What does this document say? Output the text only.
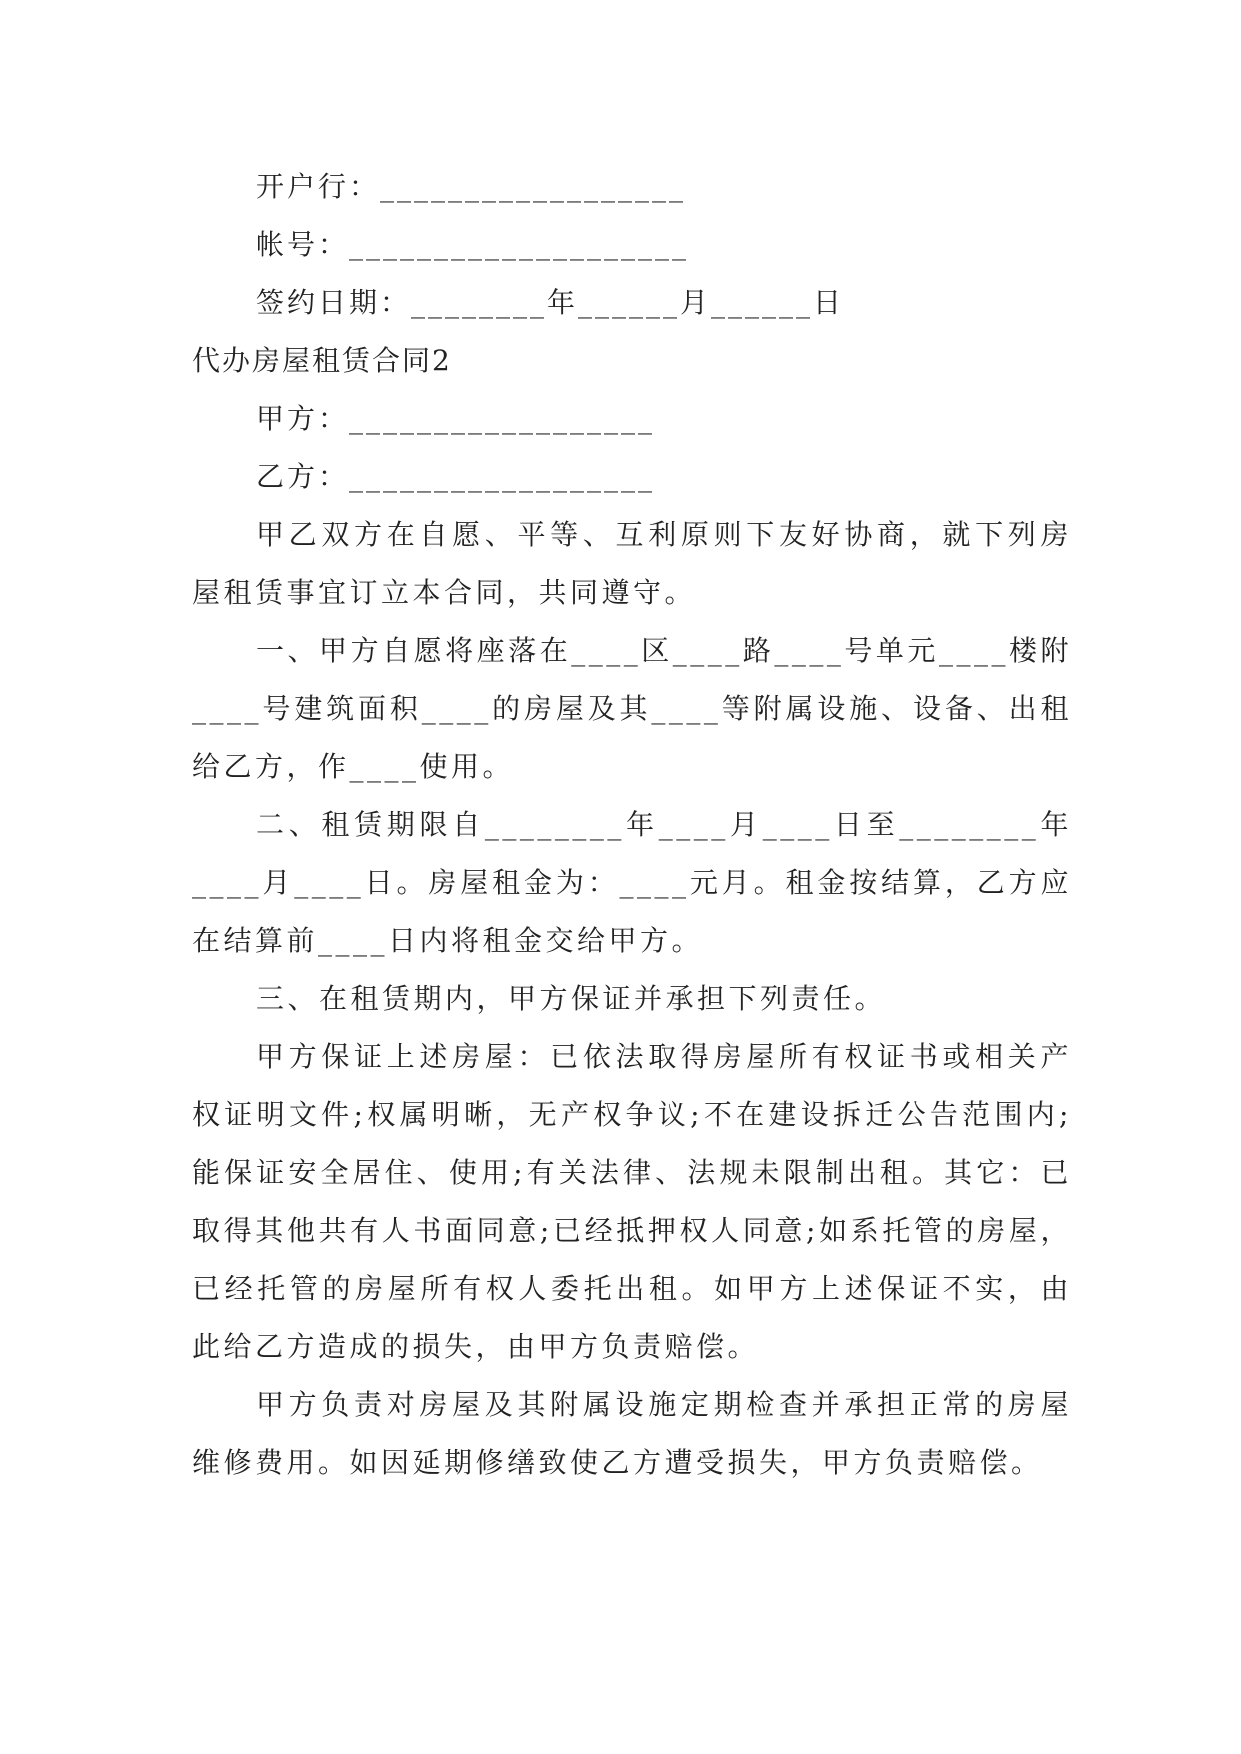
开户行：__________________
帐号：____________________
签约日期：________年______月______日
代办房屋租赁合同2
甲方：__________________
乙方：__________________
甲乙双方在自愿、平等、互利原则下友好协商，就下列房屋租赁事宜订立本合同，共同遵守。
一、甲方自愿将座落在____区____路____号单元____楼附____号建筑面积____的房屋及其____等附属设施、设备、出租给乙方，作____使用。
二、租赁期限自________年____月____日至________年____月____日。房屋租金为：____元月。租金按结算，乙方应在结算前____日内将租金交给甲方。
三、在租赁期内，甲方保证并承担下列责任。
甲方保证上述房屋：已依法取得房屋所有权证书或相关产权证明文件;权属明晰，无产权争议;不在建设拆迁公告范围内;能保证安全居住、使用;有关法律、法规未限制出租。其它：已取得其他共有人书面同意;已经抵押权人同意;如系托管的房屋，已经托管的房屋所有权人委托出租。如甲方上述保证不实，由此给乙方造成的损失，由甲方负责赔偿。
甲方负责对房屋及其附属设施定期检查并承担正常的房屋维修费用。如因延期修缮致使乙方遭受损失，甲方负责赔偿。
